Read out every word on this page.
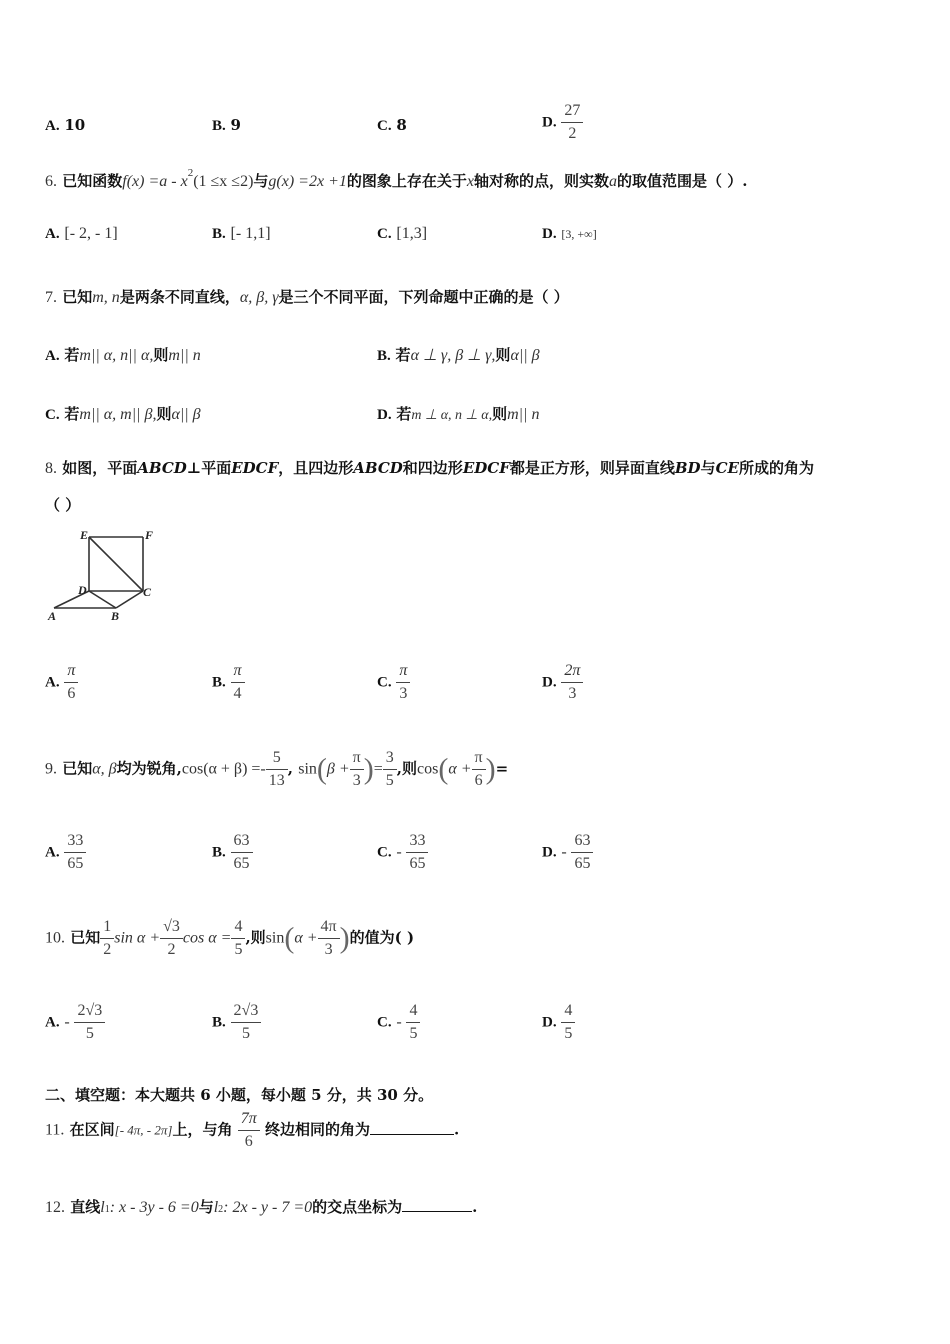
A. 10	B. 9	C. 8	D. $\frac{27}{2}$
6. 已知函数$f(x) =a - x^2(1 \le x \le 2)$与g(x) =2x +1的图象上存在关于x轴对称的点，则实数a的取值范围是（ ）.
A. [- 2, - 1]	B. [- 1,1]	C. [1,3]	D. [3, +∞]
7. 已知m, n是两条不同直线，α, β, γ是三个不同平面，下列命题中正确的是（ ）
A. 若m|| α, n|| α,则m|| n	B. 若α ⊥ γ, β ⊥ γ,则α|| β
C. 若m|| α, m|| β,则α|| β	D. 若m ⊥ α, n ⊥ α,则m|| n
8. 如图，平面ABCD⊥平面EDCF，且四边形ABCD和四边形EDCF都是正方形，则异面直线BD与CE所成的角为
（ ）
E	F
D	C
A	B
A. $\frac{\pi}{6}$	B. $\frac{\pi}{4}$	C. $\frac{\pi}{3}$	D. $\frac{2\pi}{3}$
9. 已知α, β均为锐角$,\cos(\alpha + \beta) =- \frac{5}{13}$ , $\sin(\beta + \frac{\pi}{3}$ )= $\frac{3}{5}$ ,则$\cos(\alpha + \frac{\pi}{6}$ )=
A. $\frac{33}{65}$	B. $\frac{63}{65}$	C. - $\frac{33}{65}$	D. - $\frac{63}{65}$
10. 已知 $\frac{1}{2}$ $\sin \alpha + \frac{√3}{2}$ $\cos \alpha = \frac{4}{5}$ ,则$\sin(\alpha + \frac{4\pi}{3}$ )的值为( )
A. - $\frac{2√3}{5}$	B. $\frac{2√3}{5}$	C. - $\frac{4}{5}$	D. $\frac{4}{5}$
二、填空题：本大题共 6 小题，每小题 5 分，共 30 分。
11. 在区间[- 4π, - 2π]上，与角 $\frac{7\pi}{6}$ 终边相同的角为	.
12. 直线l1: x - 3y - 6 =0与l2: 2x - y - 7 =0的交点坐标为	.
